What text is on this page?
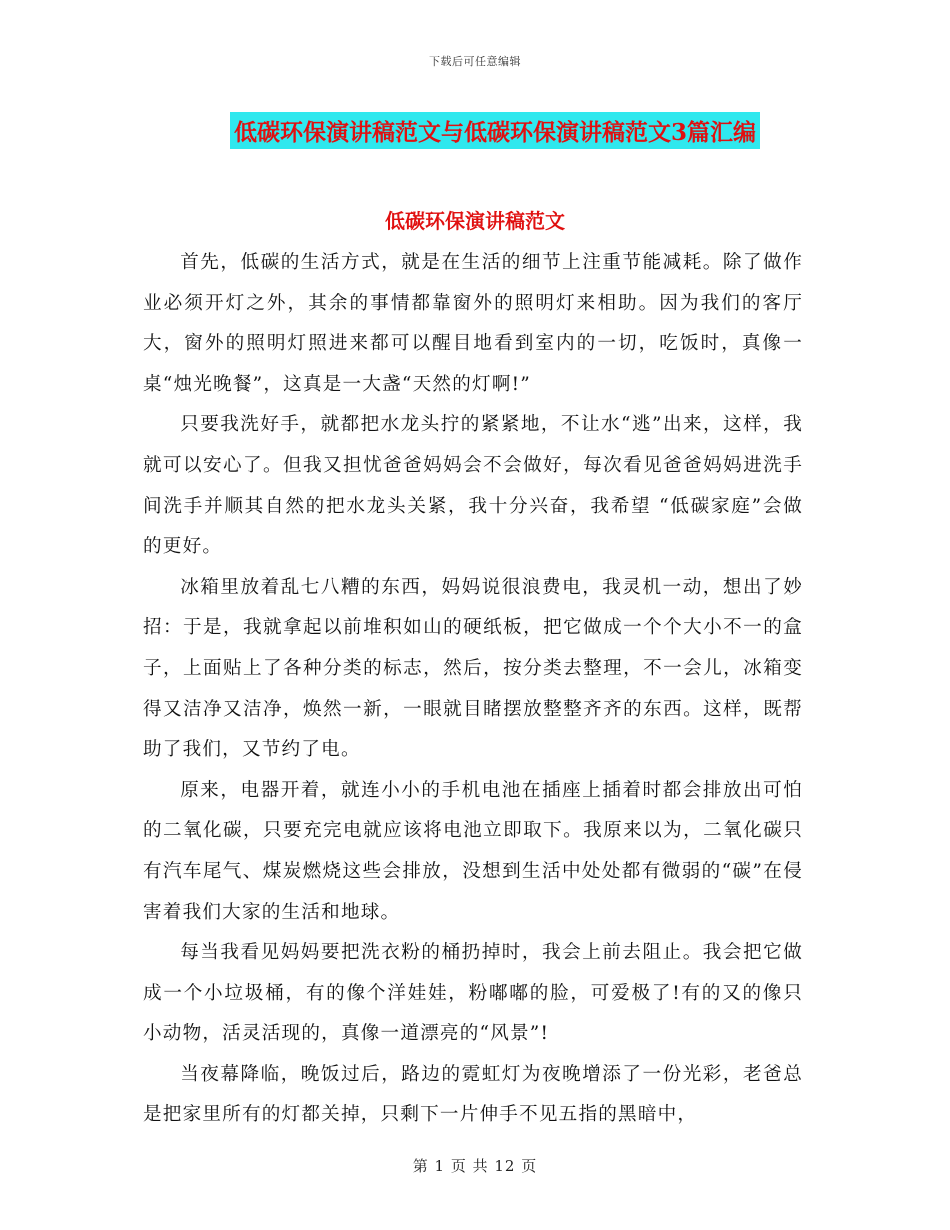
下载后可任意编辑
低碳环保演讲稿范文与低碳环保演讲稿范文3篇汇编
低碳环保演讲稿范文

首先，低碳的生活方式，就是在生活的细节上注重节能减耗。除了做作业必须开灯之外，其余的事情都靠窗外的照明灯来相助。因为我们的客厅大，窗外的照明灯照进来都可以醒目地看到室内的一切，吃饭时，真像一桌“烛光晚餐”，这真是一大盏“天然的灯啊!”

只要我洗好手，就都把水龙头拧的紧紧地，不让水“逃”出来，这样，我就可以安心了。但我又担忧爸爸妈妈会不会做好，每次看见爸爸妈妈进洗手间洗手并顺其自然的把水龙头关紧，我十分兴奋，我希望 “低碳家庭”会做的更好。

冰箱里放着乱七八糟的东西，妈妈说很浪费电，我灵机一动，想出了妙招：于是，我就拿起以前堆积如山的硬纸板，把它做成一个个大小不一的盒子，上面贴上了各种分类的标志，然后，按分类去整理，不一会儿，冰箱变得又洁净又洁净，焕然一新，一眼就目睹摆放整整齐齐的东西。这样，既帮助了我们，又节约了电。

原来，电器开着，就连小小的手机电池在插座上插着时都会排放出可怕的二氧化碳，只要充完电就应该将电池立即取下。我原来以为，二氧化碳只有汽车尾气、煤炭燃烧这些会排放，没想到生活中处处都有微弱的“碳”在侵害着我们大家的生活和地球。

每当我看见妈妈要把洗衣粉的桶扔掉时，我会上前去阻止。我会把它做成一个小垃圾桶，有的像个洋娃娃，粉嘟嘟的脸，可爱极了!有的又的像只小动物，活灵活现的，真像一道漂亮的“风景”!

当夜幕降临，晚饭过后，路边的霓虹灯为夜晚增添了一份光彩，老爸总是把家里所有的灯都关掉，只剩下一片伸手不见五指的黑暗中，

第 1 页 共 12 页
